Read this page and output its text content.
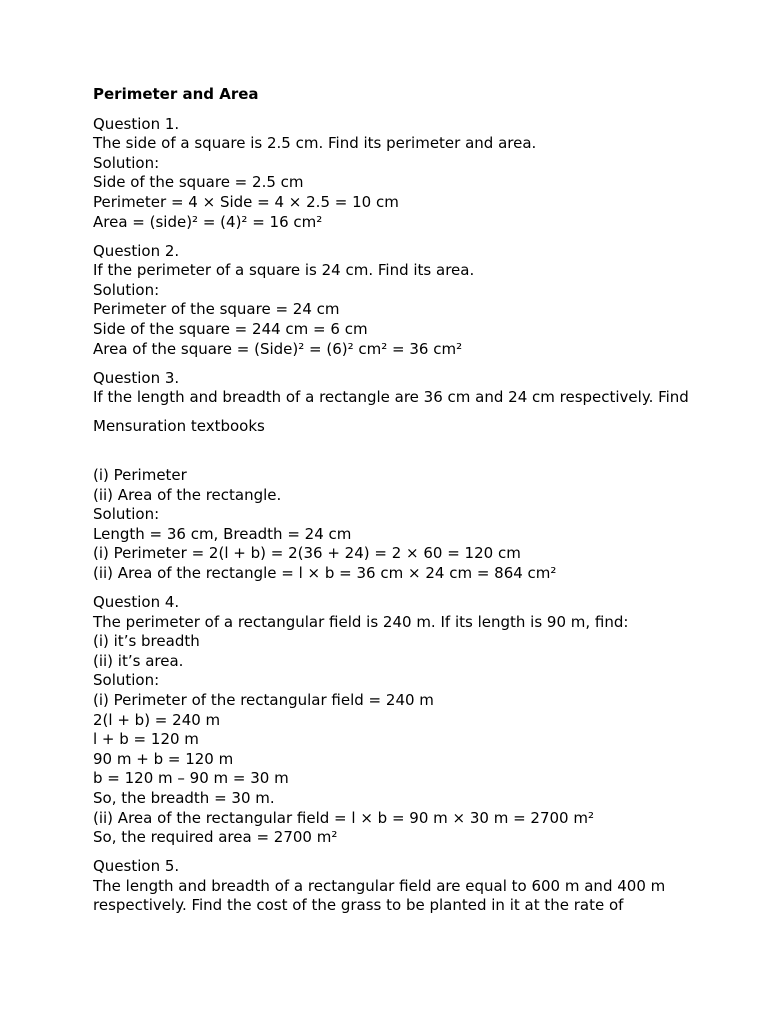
Perimeter and Area
Question 1.
The side of a square is 2.5 cm. Find its perimeter and area.
Solution:
Side of the square = 2.5 cm
Perimeter = 4 × Side = 4 × 2.5 = 10 cm
Area = (side)² = (4)² = 16 cm²
Question 2.
If the perimeter of a square is 24 cm. Find its area.
Solution:
Perimeter of the square = 24 cm
Side of the square = 244 cm = 6 cm
Area of the square = (Side)² = (6)² cm² = 36 cm²
Question 3.
If the length and breadth of a rectangle are 36 cm and 24 cm respectively. Find
Mensuration textbooks
(i) Perimeter
(ii) Area of the rectangle.
Solution:
Length = 36 cm, Breadth = 24 cm
(i) Perimeter = 2(l + b) = 2(36 + 24) = 2 × 60 = 120 cm
(ii) Area of the rectangle = l × b = 36 cm × 24 cm = 864 cm²
Question 4.
The perimeter of a rectangular field is 240 m. If its length is 90 m, find:
(i) it’s breadth
(ii) it’s area.
Solution:
(i) Perimeter of the rectangular field = 240 m
2(l + b) = 240 m
l + b = 120 m
90 m + b = 120 m
b = 120 m – 90 m = 30 m
So, the breadth = 30 m.
(ii) Area of the rectangular field = l × b = 90 m × 30 m = 2700 m²
So, the required area = 2700 m²
Question 5.
The length and breadth of a rectangular field are equal to 600 m and 400 m respectively. Find the cost of the grass to be planted in it at the rate of
